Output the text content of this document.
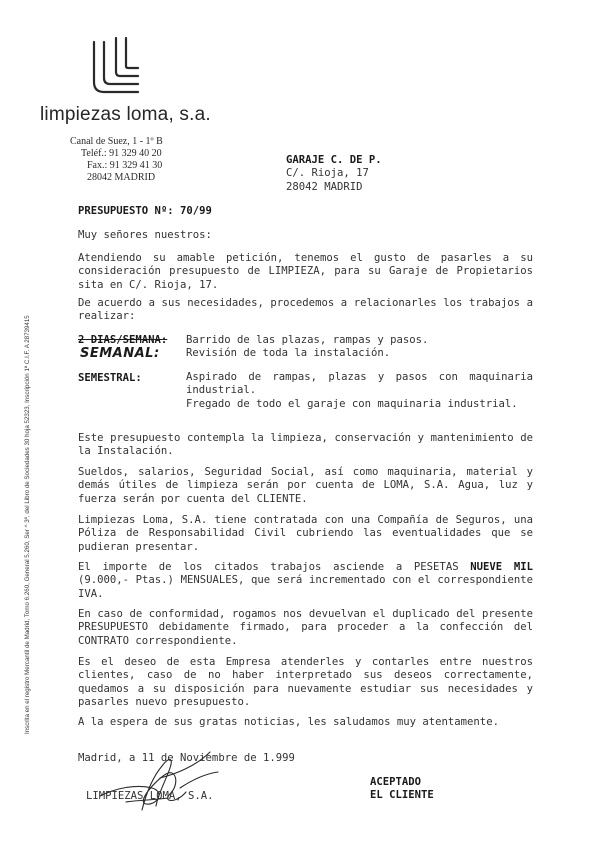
limpiezas loma, s.a.
Canal de Suez, 1 - 1º B
Teléf.: 91 329 40 20
Fax.: 91 329 41 30
28042 MADRID
GARAJE C. DE P.
C/. Rioja, 17
28042 MADRID
Inscrita en el registro Mercantil de Madrid, Tomo 6.260, General 5.260, Ser ^ 3ª, del Libro de Sociedades 30 hoja 52323, Inscripción 1ª C.I.F. A 28739415
PRESUPUESTO Nº: 70/99
Muy señores nuestros:
Atendiendo su amable petición, tenemos el gusto de pasarles a su consideración presupuesto de LIMPIEZA, para su Garaje de Propietarios sita en C/. Rioja, 17.
De acuerdo a sus necesidades, procedemos a relacionarles los trabajos a realizar:
2 DIAS/SEMANA: Barrido de las plazas, rampas y pasos.
SEMANAL: Revisión de toda la instalación.
SEMESTRAL:	Aspirado de rampas, plazas y pasos con maquinaria industrial.
Fregado de todo el garaje con maquinaria industrial.
Este presupuesto contempla la limpieza, conservación y mantenimiento de la Instalación.
Sueldos, salarios, Seguridad Social, así como maquinaria, material y demás útiles de limpieza serán por cuenta de LOMA, S.A. Agua, luz y fuerza serán por cuenta del CLIENTE.
Limpiezas Loma, S.A. tiene contratada con una Compañía de Seguros, una Póliza de Responsabilidad Civil cubriendo las eventualidades que se pudieran presentar.
El importe de los citados trabajos asciende a PESETAS NUEVE MIL (9.000,- Ptas.) MENSUALES, que será incrementado con el correspondiente IVA.
En caso de conformidad, rogamos nos devuelvan el duplicado del presente PRESUPUESTO debidamente firmado, para proceder a la confección del CONTRATO correspondiente.
Es el deseo de esta Empresa atenderles y contarles entre nuestros clientes, caso de no haber interpretado sus deseos correctamente, quedamos a su disposición para nuevamente estudiar sus necesidades y pasarles nuevo presupuesto.
A la espera de sus gratas noticias, les saludamos muy atentamente.
Madrid, a 11 de Noviembre de 1.999
LIMPIEZAS LOMA, S.A.
ACEPTADO
EL CLIENTE
